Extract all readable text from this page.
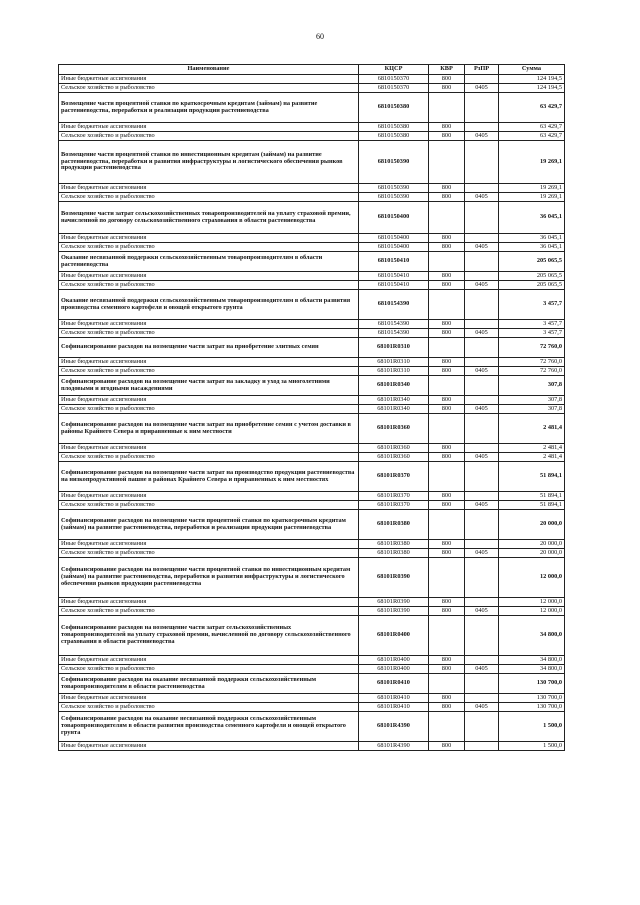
60
Наименование	КЦСР	КВР	РзПР	Сумма
Иные бюджетные ассигнования	6810150370	800		124 194,5
Сельское хозяйство и рыболовство	6810150370	800	0405	124 194,5
Возмещение части процентной ставки по краткосрочным кредитам (займам) на развитие растениеводства, переработки и реализации продукции растениеводства	6810150380			63 429,7
Иные бюджетные ассигнования	6810150380	800		63 429,7
Сельское хозяйство и рыболовство	6810150380	800	0405	63 429,7
Возмещение части процентной ставки по инвестиционным кредитам (займам) на развитие растениеводства, переработки и развития инфраструктуры и логистического обеспечения рынков продукции растениеводства	6810150390			19 269,1
Иные бюджетные ассигнования	6810150390	800		19 269,1
Сельское хозяйство и рыболовство	6810150390	800	0405	19 269,1
Возмещение части затрат сельскохозяйственных товаропроизводителей на уплату страховой премии, начисленной по договору сельскохозяйственного страхования в области растениеводства	6810150400			36 045,1
Иные бюджетные ассигнования	6810150400	800		36 045,1
Сельское хозяйство и рыболовство	6810150400	800	0405	36 045,1
Оказание несвязанной поддержки сельскохозяйственным товаропроизводителям в области растениеводства	6810150410			205 065,5
Иные бюджетные ассигнования	6810150410	800		205 065,5
Сельское хозяйство и рыболовство	6810150410	800	0405	205 065,5
Оказание несвязанной поддержки сельскохозяйственным товаропроизводителям в области развития производства семенного картофеля и овощей открытого грунта	6810154390			3 457,7
Иные бюджетные ассигнования	6810154390	800		3 457,7
Сельское хозяйство и рыболовство	6810154390	800	0405	3 457,7
Софинансирование расходов на возмещение части затрат на приобретение элитных семян	68101R0310			72 760,0
Иные бюджетные ассигнования	68101R0310	800		72 760,0
Сельское хозяйство и рыболовство	68101R0310	800	0405	72 760,0
Софинансирование расходов на возмещение части затрат на закладку и уход за многолетними плодовыми и ягодными насаждениями	68101R0340			307,8
Иные бюджетные ассигнования	68101R0340	800		307,8
Сельское хозяйство и рыболовство	68101R0340	800	0405	307,8
Софинансирование расходов на возмещение части затрат на приобретение семян с учетом доставки в районы Крайнего Севера и приравненные к ним местности	68101R0360			2 481,4
Иные бюджетные ассигнования	68101R0360	800		2 481,4
Сельское хозяйство и рыболовство	68101R0360	800	0405	2 481,4
Софинансирование расходов на возмещение части затрат на производство продукции растениеводства на низкопродуктивной пашне в районах Крайнего Севера и приравненных к ним местностях	68101R0370			51 894,1
Иные бюджетные ассигнования	68101R0370	800		51 894,1
Сельское хозяйство и рыболовство	68101R0370	800	0405	51 894,1
Софинансирование расходов на возмещение части процентной ставки по краткосрочным кредитам (займам) на развитие растениеводства, переработки и реализации продукции растениеводства	68101R0380			20 000,0
Иные бюджетные ассигнования	68101R0380	800		20 000,0
Сельское хозяйство и рыболовство	68101R0380	800	0405	20 000,0
Софинансирование расходов на возмещение части процентной ставки по инвестиционным кредитам (займам) на развитие растениеводства, переработки и развития инфраструктуры и логистического обеспечения рынков продукции растениеводства	68101R0390			12 000,0
Иные бюджетные ассигнования	68101R0390	800		12 000,0
Сельское хозяйство и рыболовство	68101R0390	800	0405	12 000,0
Софинансирование расходов на возмещение части затрат сельскохозяйственных товаропроизводителей на уплату страховой премии, начисленной по договору сельскохозяйственного страхования в области растениеводства	68101R0400			34 800,0
Иные бюджетные ассигнования	68101R0400	800		34 800,0
Сельское хозяйство и рыболовство	68101R0400	800	0405	34 800,0
Софинансирование расходов на оказание несвязанной поддержки сельскохозяйственным товаропроизводителям в области растениеводства	68101R0410			130 700,0
Иные бюджетные ассигнования	68101R0410	800		130 700,0
Сельское хозяйство и рыболовство	68101R0410	800	0405	130 700,0
Софинансирование расходов на оказание несвязанной поддержки сельскохозяйственным товаропроизводителям в области развития производства семенного картофеля и овощей открытого грунта	68101R4390			1 500,0
Иные бюджетные ассигнования	68101R4390	800		1 500,0
